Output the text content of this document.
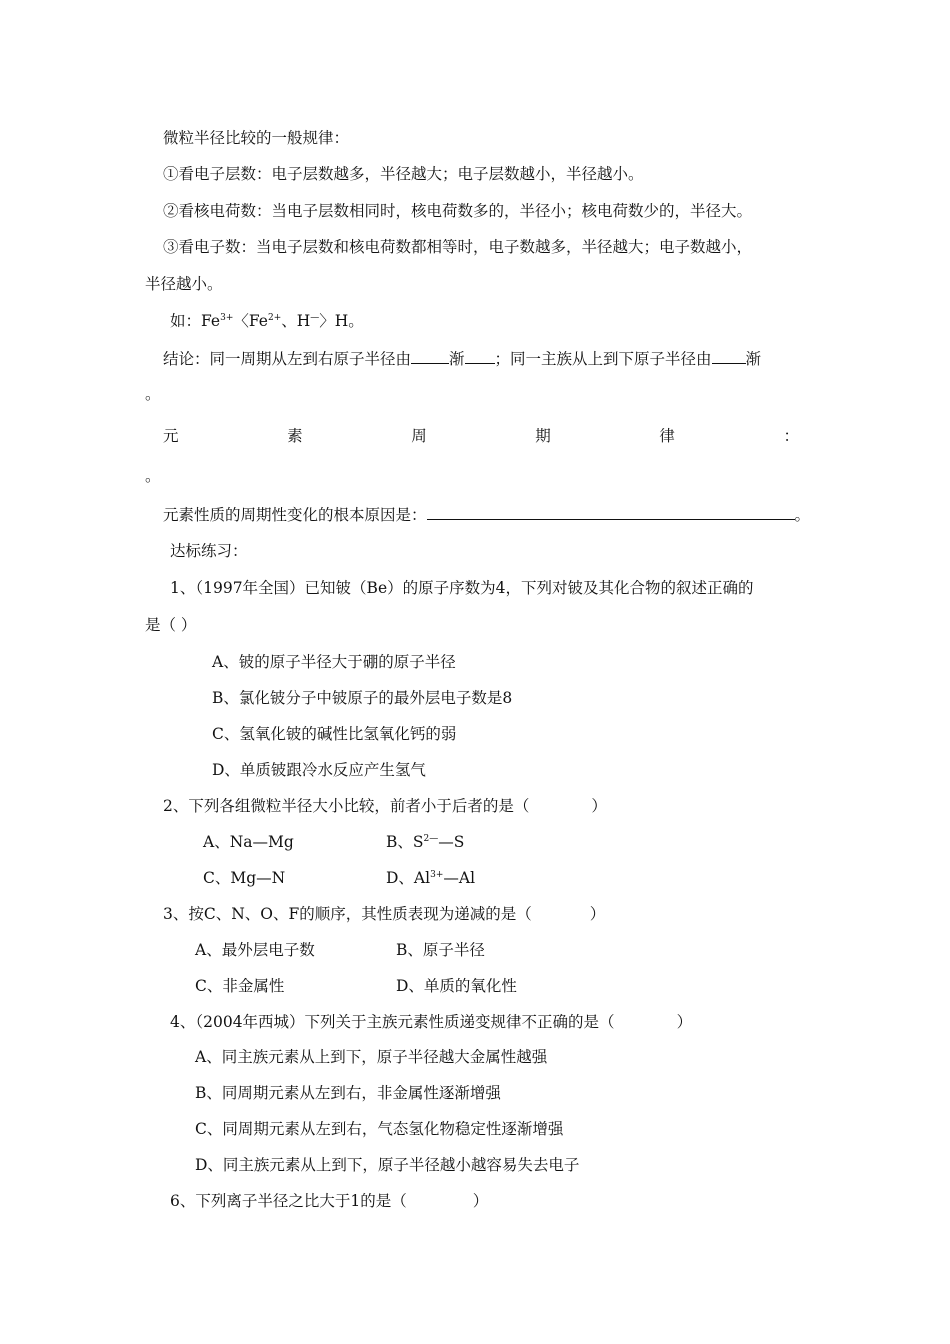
微粒半径比较的一般规律：
①看电子层数：电子层数越多，半径越大；电子层数越小，半径越小。
②看核电荷数：当电子层数相同时，核电荷数多的，半径小；核电荷数少的，半径大。
③看电子数：当电子层数和核电荷数都相等时，电子数越多，半径越大；电子数越小，
半径越小。
如：$Fe^{3+}$〈$Fe^{2+}$、H—〉H。
结论：同一周期从左到右原子半径由 渐 ；同一主族从上到下原子半径由 渐
。
元	素	周	期	律	：
。
元素性质的周期性变化的根本原因是：	。
达标练习：
1、（1997年全国）已知铍（Be）的原子序数为4，下列对铍及其化合物的叙述正确的
是（ ）
A、铍的原子半径大于硼的原子半径
B、氯化铍分子中铍原子的最外层电子数是8
C、氢氧化铍的碱性比氢氧化钙的弱
D、单质铍跟冷水反应产生氢气
2、下列各组微粒半径大小比较，前者小于后者的是（	）
A、Na—Mg	B、$S^{2—}—S$
C、Mg—N	D、$Al^{3+}—Al$
3、按C、N、O、F的顺序，其性质表现为递减的是（	）
A、最外层电子数	B、原子半径
C、非金属性	D、单质的氧化性
4、（2004年西城）下列关于主族元素性质递变规律不正确的是（	）
A、同主族元素从上到下，原子半径越大金属性越强
B、同周期元素从左到右，非金属性逐渐增强
C、同周期元素从左到右，气态氢化物稳定性逐渐增强
D、同主族元素从上到下，原子半径越小越容易失去电子
6、下列离子半径之比大于1的是（	）
